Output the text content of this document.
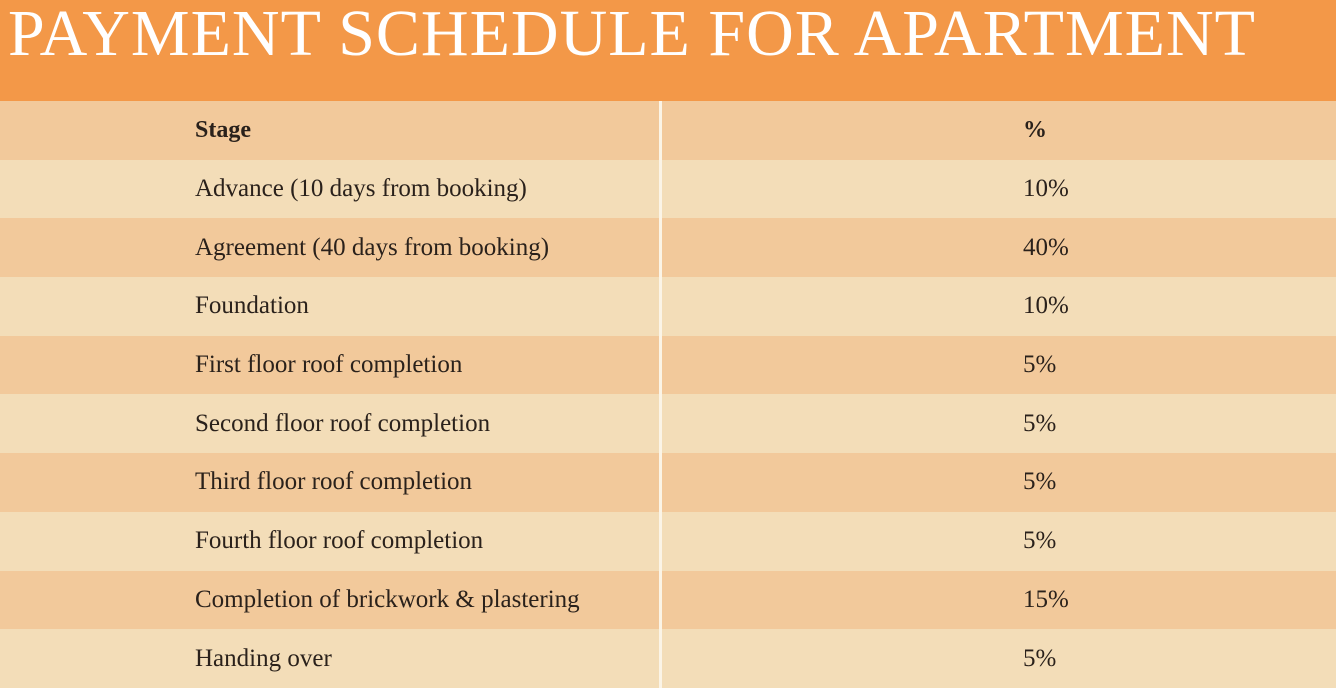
PAYMENT SCHEDULE FOR APARTMENT
Stage	%
Advance (10 days from booking)	10%
Agreement (40 days from booking)	40%
Foundation	10%
First floor roof completion	5%
Second floor roof completion	5%
Third floor roof completion	5%
Fourth floor roof completion	5%
Completion of brickwork & plastering	15%
Handing over	5%
